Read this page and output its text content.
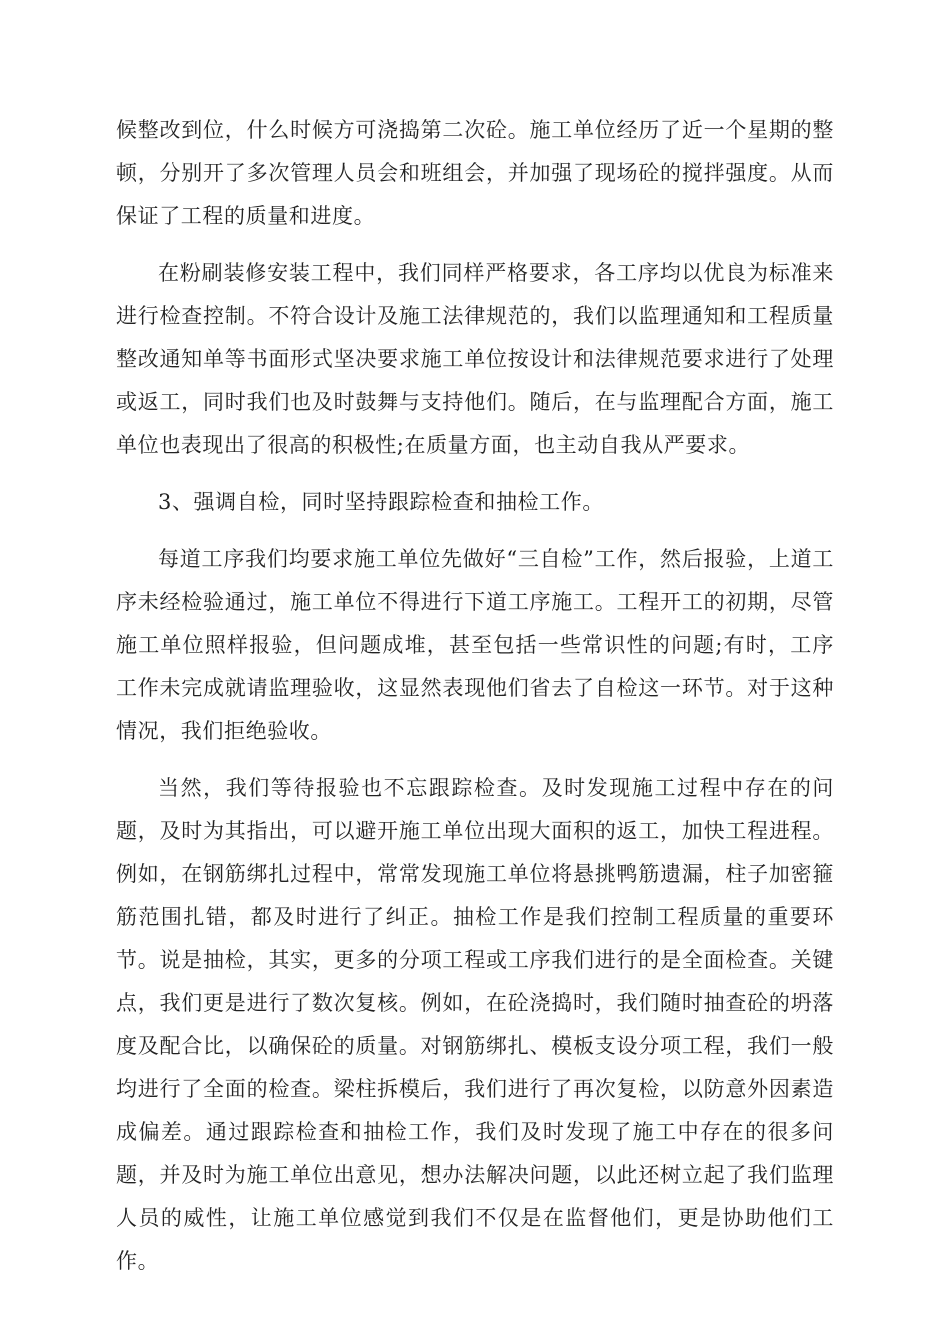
候整改到位，什么时候方可浇捣第二次砼。施工单位经历了近一个星期的整顿，分别开了多次管理人员会和班组会，并加强了现场砼的搅拌强度。从而保证了工程的质量和进度。

在粉刷装修安装工程中，我们同样严格要求，各工序均以优良为标准来进行检查控制。不符合设计及施工法律规范的，我们以监理通知和工程质量整改通知单等书面形式坚决要求施工单位按设计和法律规范要求进行了处理或返工，同时我们也及时鼓舞与支持他们。随后，在与监理配合方面，施工单位也表现出了很高的积极性;在质量方面，也主动自我从严要求。

3、强调自检，同时坚持跟踪检查和抽检工作。

每道工序我们均要求施工单位先做好“三自检”工作，然后报验，上道工序未经检验通过，施工单位不得进行下道工序施工。工程开工的初期，尽管施工单位照样报验，但问题成堆，甚至包括一些常识性的问题;有时，工序工作未完成就请监理验收，这显然表现他们省去了自检这一环节。对于这种情况，我们拒绝验收。

当然，我们等待报验也不忘跟踪检查。及时发现施工过程中存在的问题，及时为其指出，可以避开施工单位出现大面积的返工，加快工程进程。例如，在钢筋绑扎过程中，常常发现施工单位将悬挑鸭筋遗漏，柱子加密箍筋范围扎错，都及时进行了纠正。抽检工作是我们控制工程质量的重要环节。说是抽检，其实，更多的分项工程或工序我们进行的是全面检查。关键点，我们更是进行了数次复核。例如，在砼浇捣时，我们随时抽查砼的坍落度及配合比，以确保砼的质量。对钢筋绑扎、模板支设分项工程，我们一般均进行了全面的检查。梁柱拆模后，我们进行了再次复检，以防意外因素造成偏差。通过跟踪检查和抽检工作，我们及时发现了施工中存在的很多问题，并及时为施工单位出意见，想办法解决问题，以此还树立起了我们监理人员的威性，让施工单位感觉到我们不仅是在监督他们，更是协助他们工作。
